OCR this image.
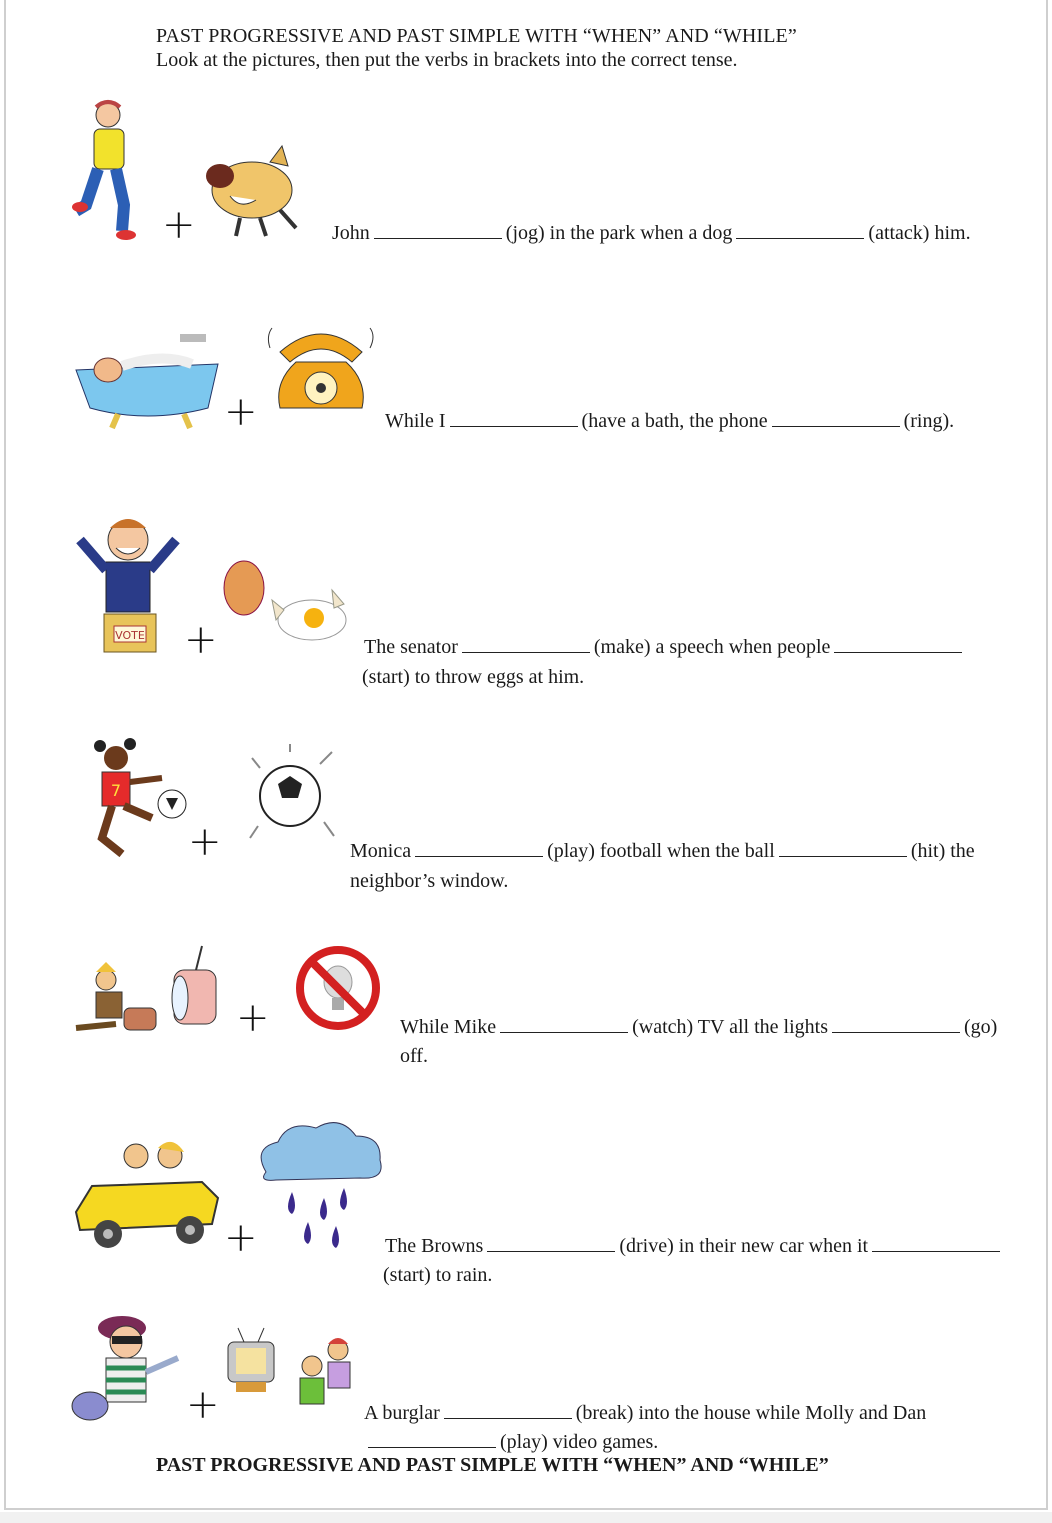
PAST PROGRESSIVE AND PAST SIMPLE WITH “WHEN” AND “WHILE”
Look at the pictures, then put the verbs in brackets into the correct tense.
+	John	(jog) in the park when a dog	(attack) him.
+	While I	(have a bath, the phone	(ring).
VOTE +	The senator	(make) a speech when people
(start) to throw eggs at him.
7
+	Monica	(play) football when the ball	(hit) the
neighbor’s window.
+	While Mike	(watch) TV all the lights	(go)
off.
+	The Browns	(drive) in their new car when it
(start) to rain.
+	A burglar	(break) into the house while Molly and Dan
(play) video games.
PAST PROGRESSIVE AND PAST SIMPLE WITH “WHEN” AND “WHILE”
